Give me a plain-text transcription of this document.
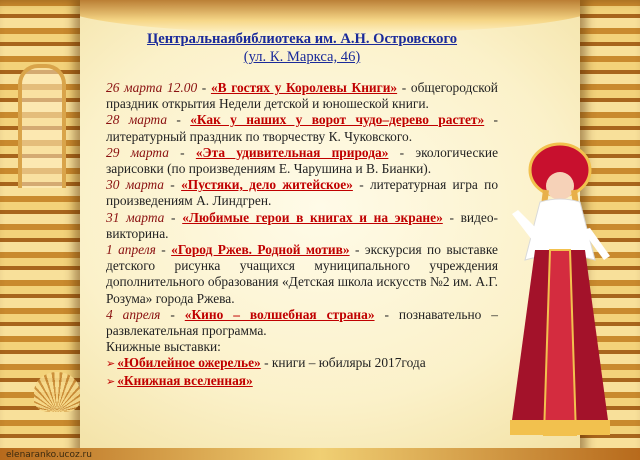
Центральнаябиблиотека им. А.Н. Островского
(ул. К. Маркса, 46)

26 марта 12.00 - «В гостях у Королевы Книги» - общегородской праздник открытия Недели детской и юношеской книги.

28 марта - «Как у наших у ворот чудо–дерево растет» - литературный праздник по творчеству К. Чуковского.

29 марта - «Эта удивительная природа» - экологические зарисовки (по произведениям Е. Чарушина и В. Бианки).

30 марта - «Пустяки, дело житейское» - литературная игра по произведениям А. Линдгрен.

31 марта - «Любимые герои в книгах и на экране» - видео-викторина.

1 апреля - «Город Ржев. Родной мотив» - экскурсия по выставке детского рисунка учащихся муниципального учреждения дополнительного образования «Детская школа искусств №2 им. А.Г. Розума» города Ржева.

4 апреля - «Кино – волшебная страна» - познавательно – развлекательная программа.

Книжные выставки:

➢ «Юбилейное ожерелье» - книги – юбиляры 2017года

➢ «Книжная вселенная»

elenaranko.ucoz.ru
